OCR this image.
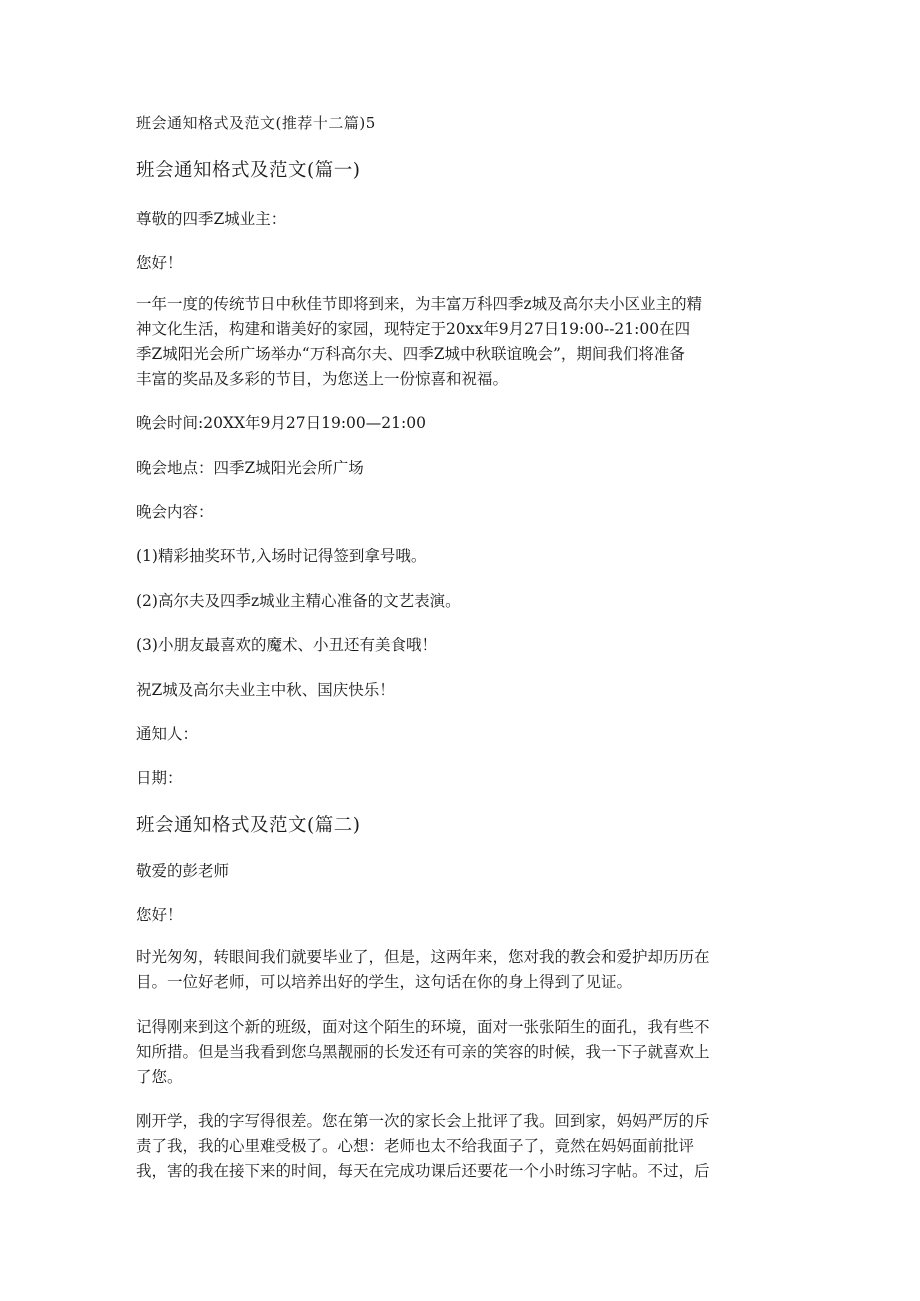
班会通知格式及范文(推荐十二篇)5

班会通知格式及范文(篇一)

尊敬的四季Z城业主：

您好！

一年一度的传统节日中秋佳节即将到来，为丰富万科四季z城及高尔夫小区业主的精
神文化生活，构建和谐美好的家园，现特定于20xx年9月27日19:00--21:00在四
季Z城阳光会所广场举办“万科高尔夫、四季Z城中秋联谊晚会”，期间我们将准备
丰富的奖品及多彩的节目，为您送上一份惊喜和祝福。

晚会时间:20XX年9月27日19:00—21:00

晚会地点：四季Z城阳光会所广场

晚会内容：

(1)精彩抽奖环节,入场时记得签到拿号哦。

(2)高尔夫及四季z城业主精心准备的文艺表演。

(3)小朋友最喜欢的魔术、小丑还有美食哦！

祝Z城及高尔夫业主中秋、国庆快乐！

通知人：

日期：

班会通知格式及范文(篇二)

敬爱的彭老师

您好！

时光匆匆，转眼间我们就要毕业了，但是，这两年来，您对我的教会和爱护却历历在
目。一位好老师，可以培养出好的学生，这句话在你的身上得到了见证。
记得刚来到这个新的班级，面对这个陌生的环境，面对一张张陌生的面孔，我有些不
知所措。但是当我看到您乌黑靓丽的长发还有可亲的笑容的时候，我一下子就喜欢上
了您。
刚开学，我的字写得很差。您在第一次的家长会上批评了我。回到家，妈妈严厉的斥
责了我，我的心里难受极了。心想：老师也太不给我面子了，竟然在妈妈面前批评
我，害的我在接下来的时间，每天在完成功课后还要花一个小时练习字帖。不过，后
